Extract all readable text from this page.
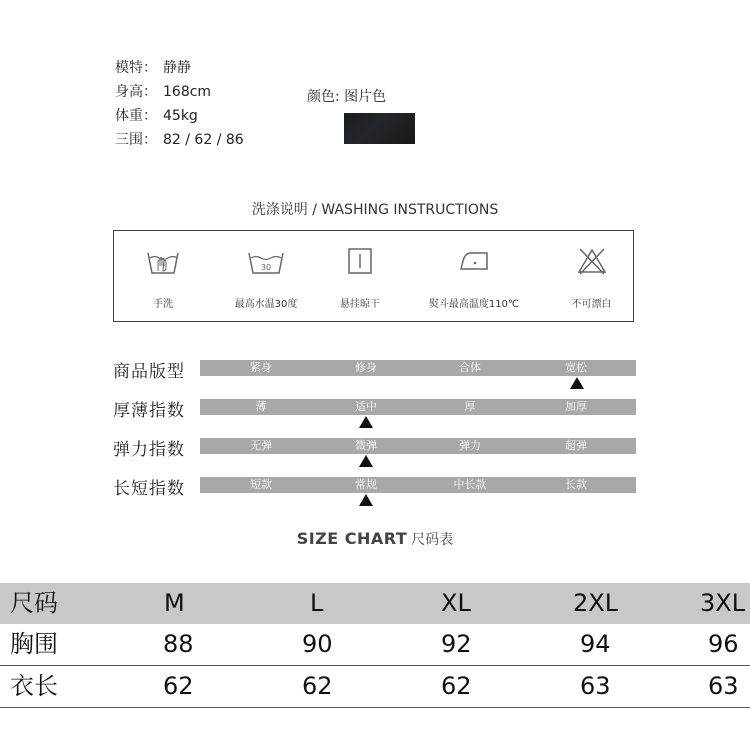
模特： 静静
身高： 168cm
体重： 45kg
三围： 82 / 62 / 86
颜色: 图片色
洗涤说明 / WASHING INSTRUCTIONS
手洗
30
最高水温30度	悬挂晾干	熨斗最高温度110℃	不可漂白
商品版型	紧身	修身	合体	宽松
厚薄指数	薄	适中	厚	加厚
弹力指数	无弹	微弹	弹力	超弹
长短指数	短款	常规	中长款	长款
SIZE CHART 尺码表
尺码	M	L	XL	2XL	3XL
胸围	88	90	92	94	96
衣长	62	62	62	63	63
